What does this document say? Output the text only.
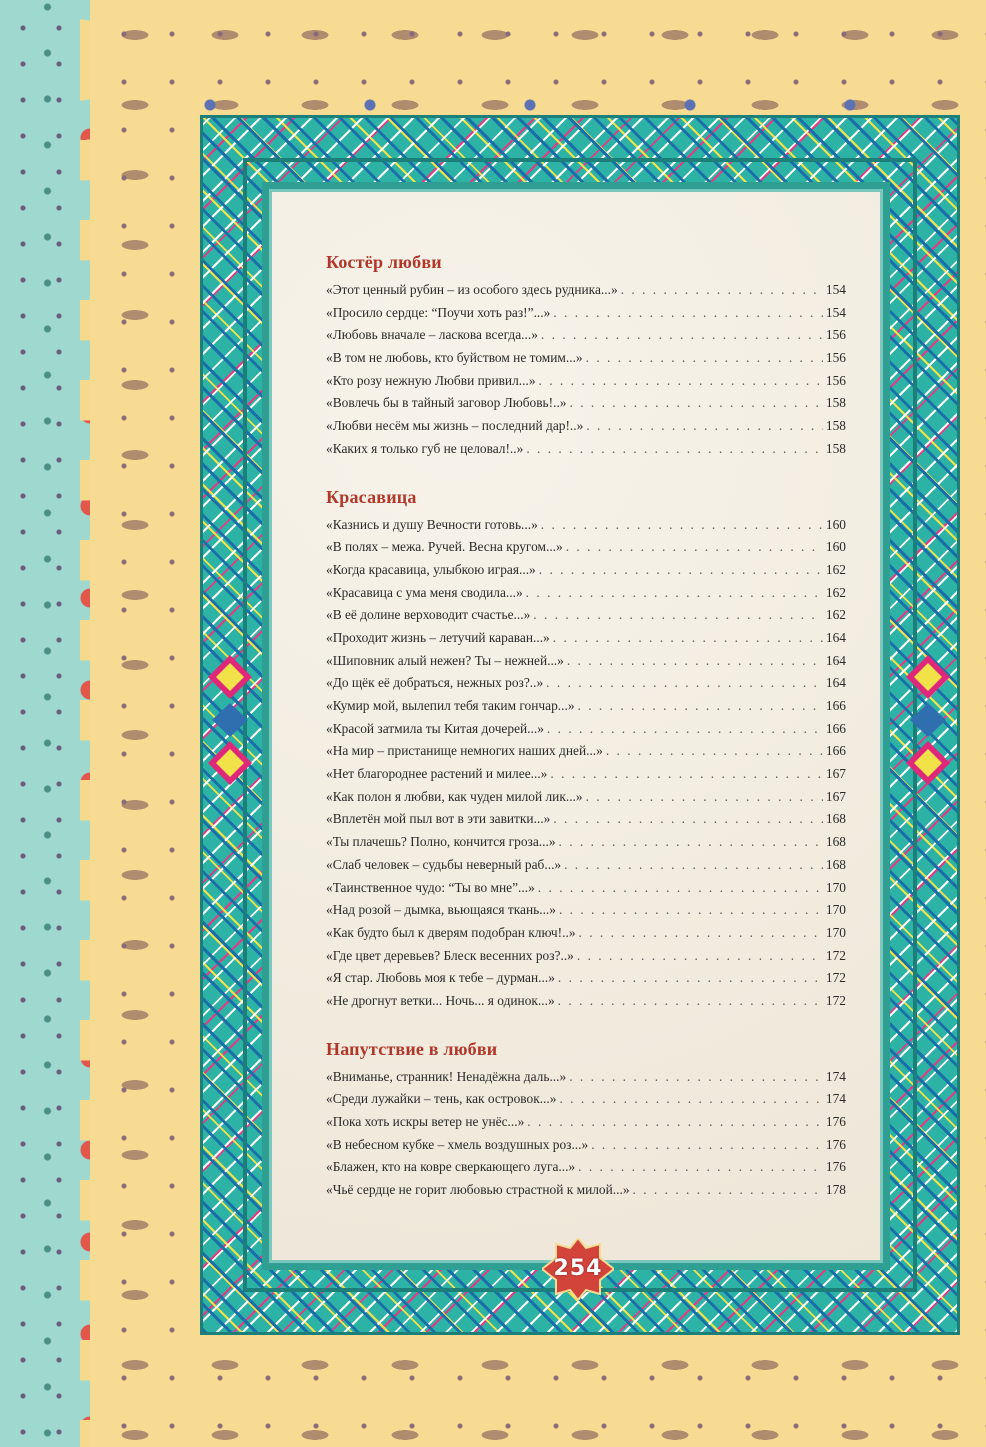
Костёр любви
«Этот ценный рубин – из особого здесь рудника...» . . .	154
«Просило сердце: “Поучи хоть раз!”...» . . .	154
«Любовь вначале – ласкова всегда...» . . .	156
«В том не любовь, кто буйством не томим...» . . .	156
«Кто розу нежную Любви привил...» . . .	156
«Вовлечь бы в тайный заговор Любовь!..» . . .	158
«Любви несём мы жизнь – последний дар!..» . . .	158
«Каких я только губ не целовал!..» . . .	158
Красавица
«Казнись и душу Вечности готовь...» . . .	160
«В полях – межа. Ручей. Весна кругом...» . . .	160
«Когда красавица, улыбкою играя...» . . .	162
«Красавица с ума меня сводила...» . . .	162
«В её долине верховодит счастье...» . . .	162
«Проходит жизнь – летучий караван...» . . .	164
«Шиповник алый нежен? Ты – нежней...» . . .	164
«До щёк её добраться, нежных роз?..» . . .	164
«Кумир мой, вылепил тебя таким гончар...» . . .	166
«Красой затмила ты Китая дочерей...» . . .	166
«На мир – пристанище немногих наших дней...» . . .	166
«Нет благороднее растений и милее...» . . .	167
«Как полон я любви, как чуден милой лик...» . . .	167
«Вплетён мой пыл вот в эти завитки...» . . .	168
«Ты плачешь? Полно, кончится гроза...» . . .	168
«Слаб человек – судьбы неверный раб...» . . .	168
«Таинственное чудо: “Ты во мне”...» . . .	170
«Над розой – дымка, вьющаяся ткань...» . . .	170
«Как будто был к дверям подобран ключ!..» . . .	170
«Где цвет деревьев? Блеск весенних роз?..» . . .	172
«Я стар. Любовь моя к тебе – дурман...» . . .	172
«Не дрогнут ветки... Ночь... я одинок...» . . .	172
Напутствие в любви
«Вниманье, странник! Ненадёжна даль...» . . .	174
«Среди лужайки – тень, как островок...» . . .	174
«Пока хоть искры ветер не унёс...» . . .	176
«В небесном кубке – хмель воздушных роз...» . . .	176
«Блажен, кто на ковре сверкающего луга...» . . .	176
«Чьё сердце не горит любовью страстной к милой...» . . .	178
254
